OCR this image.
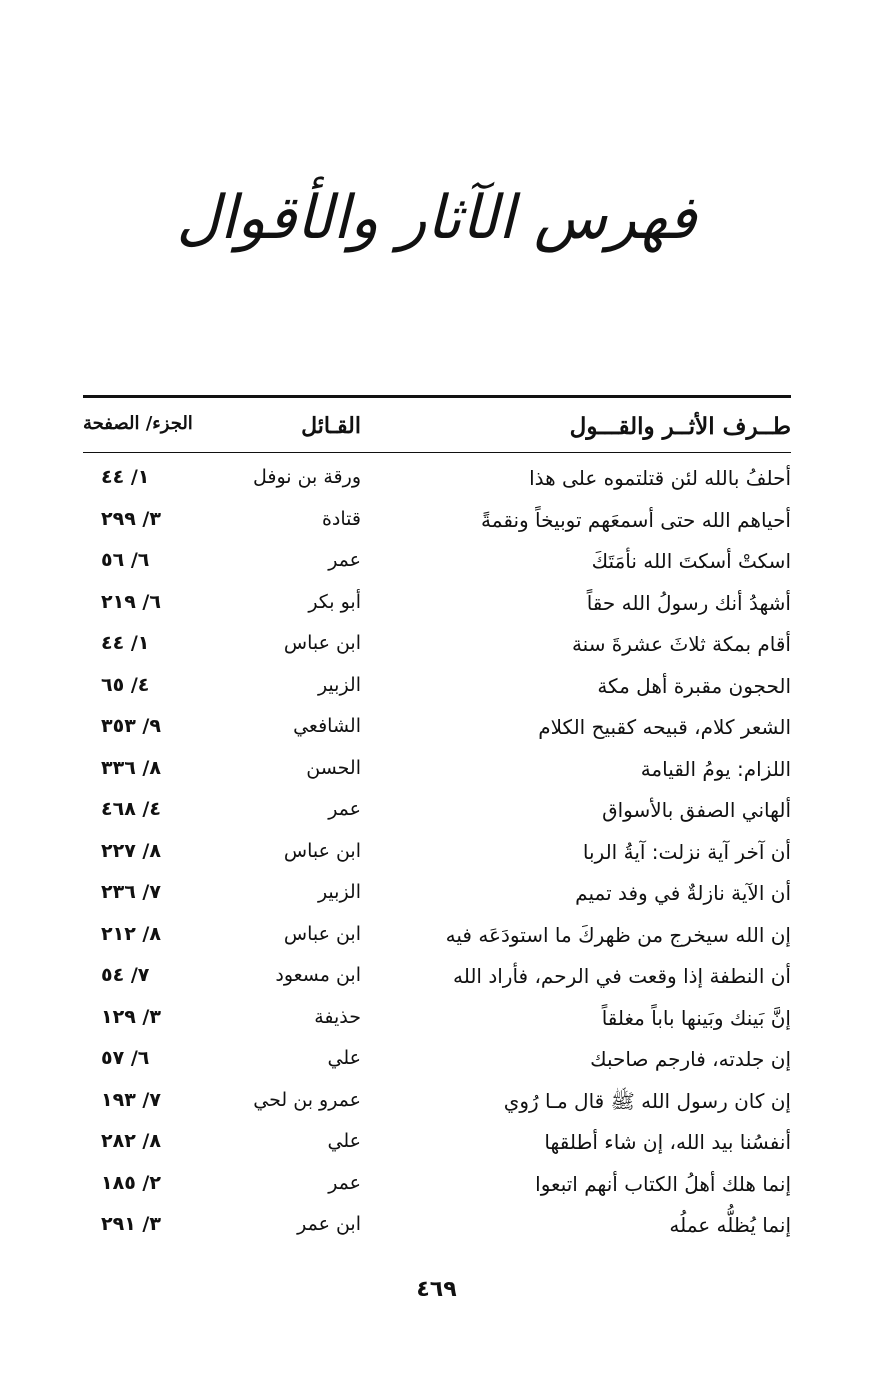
فهرس الآثار والأقوال
طــرف الأثــر والقـــول
القـائل
الجزء/ الصفحة
أحلفُ بالله لئن قتلتموه على هذا
ورقة بن نوفل
١/ ٤٤
أحياهم الله حتى أسمعَهم توبيخاً ونقمةً
قتادة
٣/ ٢٩٩
اسكتْ أسكتَ الله نأمَتَكَ
عمر
٦/ ٥٦
أشهدُ أنك رسولُ الله حقاً
أبو بكر
٦/ ٢١٩
أقام بمكة ثلاثَ عشرةَ سنة
ابن عباس
١/ ٤٤
الحجون مقبرة أهل مكة
الزبير
٤/ ٦٥
الشعر كلام، قبيحه كقبيح الكلام
الشافعي
٩/ ٣٥٣
اللزام: يومُ القيامة
الحسن
٨/ ٣٣٦
ألهاني الصفق بالأسواق
عمر
٤/ ٤٦٨
أن آخر آية نزلت: آيةُ الربا
ابن عباس
٨/ ٢٢٧
أن الآية نازلةٌ في وفد تميم
الزبير
٧/ ٢٣٦
إن الله سيخرج من ظهركَ ما استودَعَه فيه
ابن عباس
٨/ ٢١٢
أن النطفة إذا وقعت في الرحم، فأراد الله
ابن مسعود
٧/ ٥٤
إنَّ بَينك وبَينها باباً مغلقاً
حذيفة
٣/ ١٢٩
إن جلدته، فارجم صاحبك
علي
٦/ ٥٧
إن كان رسول الله ﷺ قال مـا رُوي
عمرو بن لحي
٧/ ١٩٣
أنفسُنا بيد الله، إن شاء أطلقها
علي
٨/ ٢٨٢
إنما هلك أهلُ الكتاب أنهم اتبعوا
عمر
٢/ ١٨٥
إنما يُظلُّه عملُه
ابن عمر
٣/ ٢٩١
٤٦٩
